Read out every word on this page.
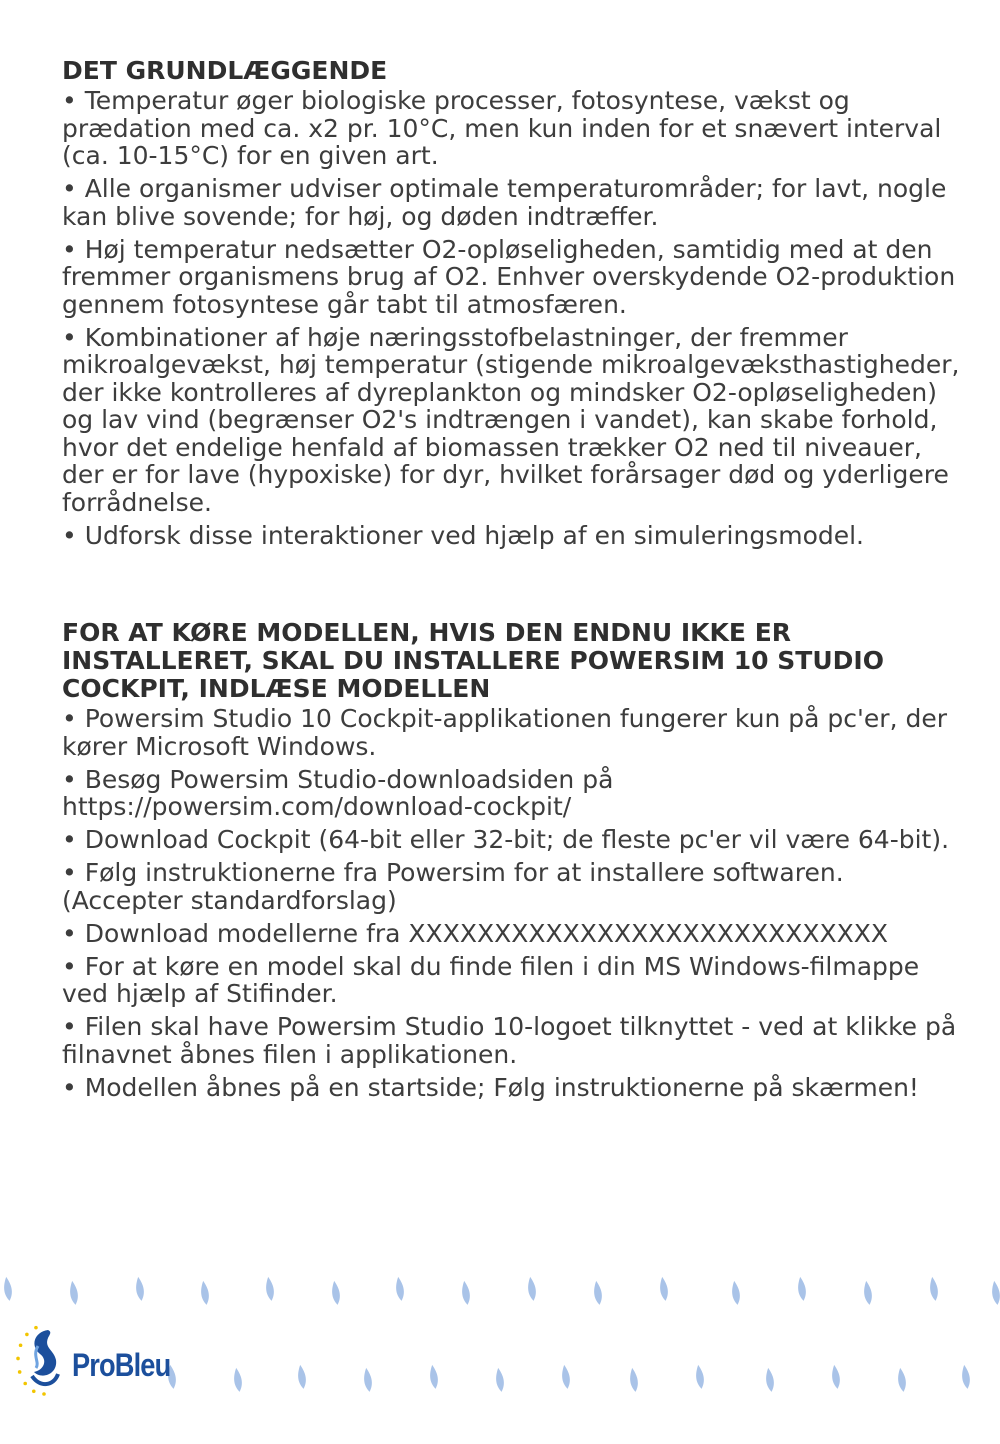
DET GRUNDLÆGGENDE
• Temperatur øger biologiske processer, fotosyntese, vækst og prædation med ca. x2 pr. 10°C, men kun inden for et snævert interval (ca. 10-15°C) for en given art.
• Alle organismer udviser optimale temperaturområder; for lavt, nogle kan blive sovende; for høj, og døden indtræffer.
• Høj temperatur nedsætter O2-opløseligheden, samtidig med at den fremmer organismens brug af O2. Enhver overskydende O2-produktion gennem fotosyntese går tabt til atmosfæren.
• Kombinationer af høje næringsstofbelastninger, der fremmer mikroalgevækst, høj temperatur (stigende mikroalgevæksthastigheder, der ikke kontrolleres af dyreplankton og mindsker O2-opløseligheden) og lav vind (begrænser O2's indtrængen i vandet), kan skabe forhold, hvor det endelige henfald af biomassen trækker O2 ned til niveauer, der er for lave (hypoxiske) for dyr, hvilket forårsager død og yderligere forrådnelse.
• Udforsk disse interaktioner ved hjælp af en simuleringsmodel.
FOR AT KØRE MODELLEN, HVIS DEN ENDNU IKKE ER INSTALLERET, SKAL DU INSTALLERE POWERSIM 10 STUDIO COCKPIT, INDLÆSE MODELLEN
• Powersim Studio 10 Cockpit-applikationen fungerer kun på pc'er, der kører Microsoft Windows.
• Besøg Powersim Studio-downloadsiden på https://powersim.com/download-cockpit/
• Download Cockpit (64-bit eller 32-bit; de fleste pc'er vil være 64-bit).
• Følg instruktionerne fra Powersim for at installere softwaren. (Accepter standardforslag)
• Download modellerne fra XXXXXXXXXXXXXXXXXXXXXXXXXXXX
• For at køre en model skal du finde filen i din MS Windows-filmappe ved hjælp af Stifinder.
• Filen skal have Powersim Studio 10-logoet tilknyttet - ved at klikke på filnavnet åbnes filen i applikationen.
• Modellen åbnes på en startside; Følg instruktionerne på skærmen!
ProBleu
